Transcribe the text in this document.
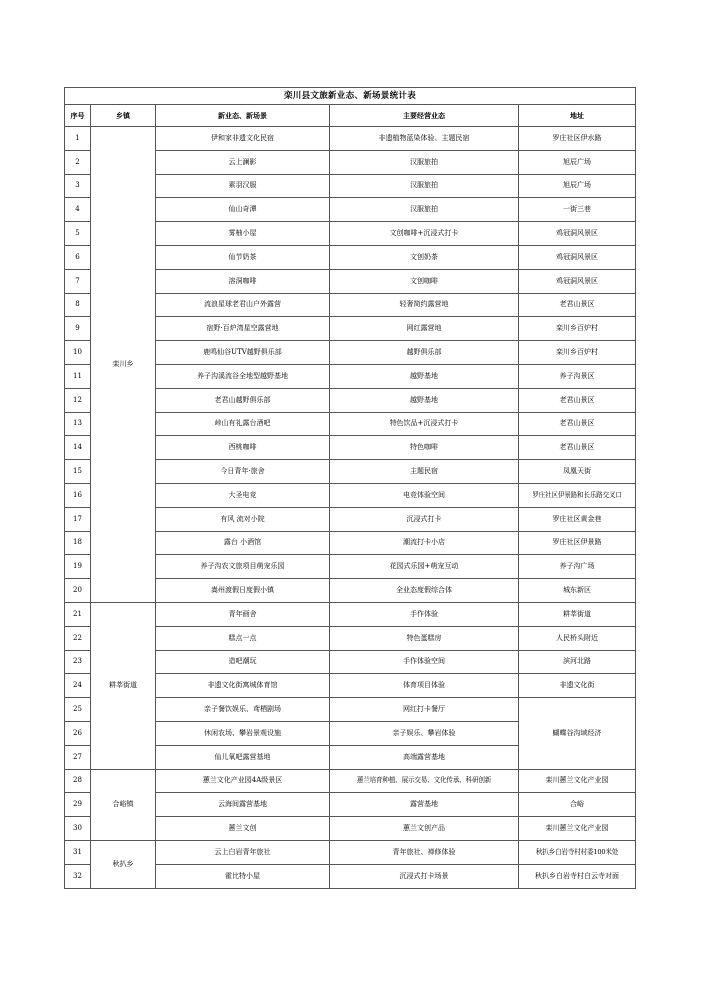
栾川县文旅新业态、新场景统计表				
序号	乡镇	新业态、新场景	主要经营业态	地址
1	栾川乡	伊和家非遗文化民宿	非遗植物蓝染体验、主题民宿	罗庄社区伊水路
2		云上澜影	汉服旅拍	旭辰广场
3		素羽汉服	汉服旅拍	旭辰广场
4		仙山奇潭	汉服旅拍	一街三巷
5		雾柚小屋	文创咖啡+沉浸式打卡	鸡冠洞风景区
6		仙节奶茶	文创奶茶	鸡冠洞风景区
7		溶洞咖啡	文创咖啡	鸡冠洞风景区
8		流浪星球老君山户外露营	轻奢简约露营地	老君山景区
9		宿野·百炉湾星空露营地	网红露营地	栾川乡百炉村
10		鹿鸣仙谷UTV越野俱乐部	越野俱乐部	栾川乡百炉村
11		养子沟溪流谷全地型越野基地	越野基地	养子沟景区
12		老君山越野俱乐部	越野基地	老君山景区
13		峠山有礼露台酒吧	特色饮品+沉浸式打卡	老君山景区
14		西桃咖啡	特色咖啡	老君山景区
15		今日青年·旅舍	主题民宿	凤凰天街
16		大圣电竞	电竞体验空间	罗庄社区伊景路和长乐路交叉口
17		有风 流对小院	沉浸式打卡	罗庄社区黄金巷
18		露台 小酒馆	潮流打卡小店	罗庄社区伊景路
19		养子沟农文旅项目萌宠乐园	花园式乐园+萌宠互动	养子沟广场
20		嵩州渡假日度假小镇	全业态度假综合体	城东新区
21	耕莘街道	青年画舍	手作体验	耕莘街道
22		糕点一点	特色蛋糕房	人民桥头附近
23		造吧潮玩	手作体验空间	滨河北路
24		非遗文化街寓城体育馆	体育项目体验	非遗文化街
25		亲子餐饮娱乐、鸢栖剧场	网红打卡餐厅	蝴蝶谷沟域经济
26		休闲农场、攀岩景观设施	亲子娱乐、攀岩体验	
27		仙儿氧吧露营基地	高端露营基地	
28	合峪镇	蕙兰文化产业园4A级景区	蕙兰培育种植、展示交易、文化传承、科研创新	栾川蕙兰文化产业园
29		云海间露营基地	露营基地	合峪
30		蕙兰文创	蕙兰文创产品	栾川蕙兰文化产业园
31	秋扒乡	云上白岩青年旅社	青年旅社、禅修体验	秋扒乡白岩寺村村委100米处
32		霍比特小屋	沉浸式打卡场景	秋扒乡白岩寺村白云寺对面
